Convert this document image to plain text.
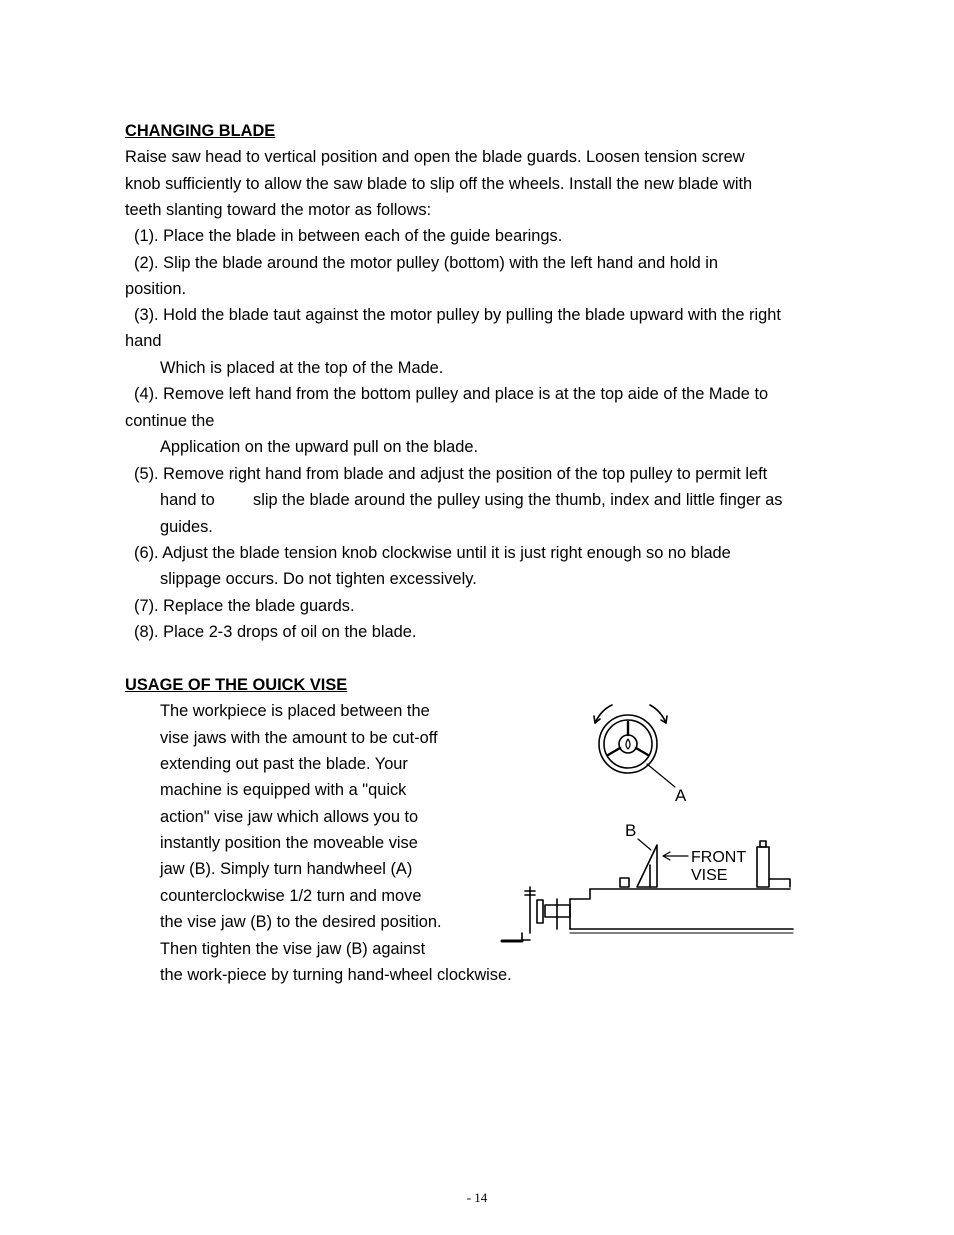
CHANGING BLADE
Raise saw head to vertical position and open the blade guards. Loosen tension screw
knob sufficiently to allow the saw blade to slip off the wheels. Install the new blade with
teeth slanting toward the motor as follows:
(1). Place the blade in between each of the guide bearings.
(2). Slip the blade around the motor pulley (bottom) with the left hand and hold in
position.
(3). Hold the blade taut against the motor pulley by pulling the blade upward with the right
hand
Which is placed at the top of the Made.
(4). Remove left hand from the bottom pulley and place is at the top aide of the Made to
continue the
Application on the upward pull on the blade.
(5). Remove right hand from blade and adjust the position of the top pulley to permit left
hand to slip the blade around the pulley using the thumb, index and little finger as
guides.
(6). Adjust the blade tension knob clockwise until it is just right enough so no blade
slippage occurs. Do not tighten excessively.
(7). Replace the blade guards.
(8). Place 2-3 drops of oil on the blade.
USAGE OF THE OUICK VISE
The workpiece is placed between the
vise jaws with the amount to be cut-off
extending out past the blade. Your
machine is equipped with a "quick
action" vise jaw which allows you to
instantly position the moveable vise
jaw (B). Simply turn handwheel (A)
counterclockwise 1/2 turn and move
the vise jaw (B) to the desired position.
Then tighten the vise jaw (B) against
the work-piece by turning hand-wheel clockwise.
A
B
FRONT
VISE
- 14
